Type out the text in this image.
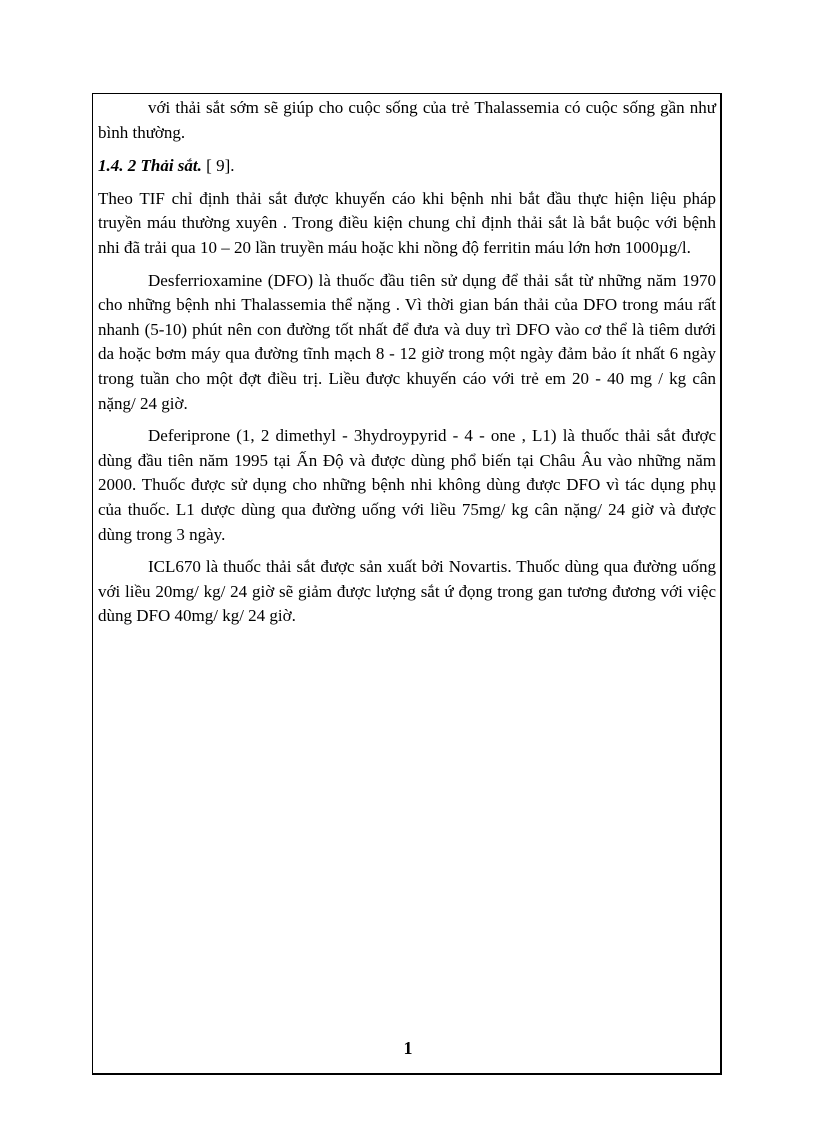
với thải sắt sớm sẽ giúp cho cuộc sống của trẻ Thalassemia có cuộc sống gần như bình thường.

1.4. 2 Thải sắt. [ 9].

Theo TIF chỉ định thải sắt được khuyến cáo khi bệnh nhi bắt đầu thực hiện liệu pháp truyền máu thường xuyên . Trong điều kiện chung chỉ định thải sắt là bắt buộc với bệnh nhi đã trải qua 10 – 20 lần truyền máu hoặc khi nồng độ ferritin máu lớn hơn 1000µg/l.

Desferrioxamine (DFO) là thuốc đầu tiên sử dụng để thải sắt từ những năm 1970 cho những bệnh nhi Thalassemia thể nặng . Vì thời gian bán thải của DFO trong máu rất nhanh (5-10) phút nên con đường tốt nhất để đưa và duy trì DFO vào cơ thể là tiêm dưới da hoặc bơm máy qua đường tĩnh mạch 8 - 12 giờ trong một ngày đảm bảo ít nhất 6 ngày trong tuần cho một đợt điều trị. Liều được khuyến cáo với trẻ em 20 - 40 mg / kg cân nặng/ 24 giờ.

Deferiprone (1, 2 dimethyl - 3hydroypyrid - 4 - one , L1) là thuốc thải sắt được dùng đầu tiên năm 1995 tại Ấn Độ và được dùng phổ biến tại Châu Âu vào những năm 2000. Thuốc được sử dụng cho những bệnh nhi không dùng được DFO vì tác dụng phụ của thuốc. L1 dược dùng qua đường uống với liều 75mg/ kg cân nặng/ 24 giờ và được dùng trong 3 ngày.

ICL670 là thuốc thải sắt được sản xuất bởi Novartis. Thuốc dùng qua đường uống với liều 20mg/ kg/ 24 giờ sẽ giảm được lượng sắt ứ đọng trong gan tương đương với việc dùng DFO 40mg/ kg/ 24 giờ.

1
